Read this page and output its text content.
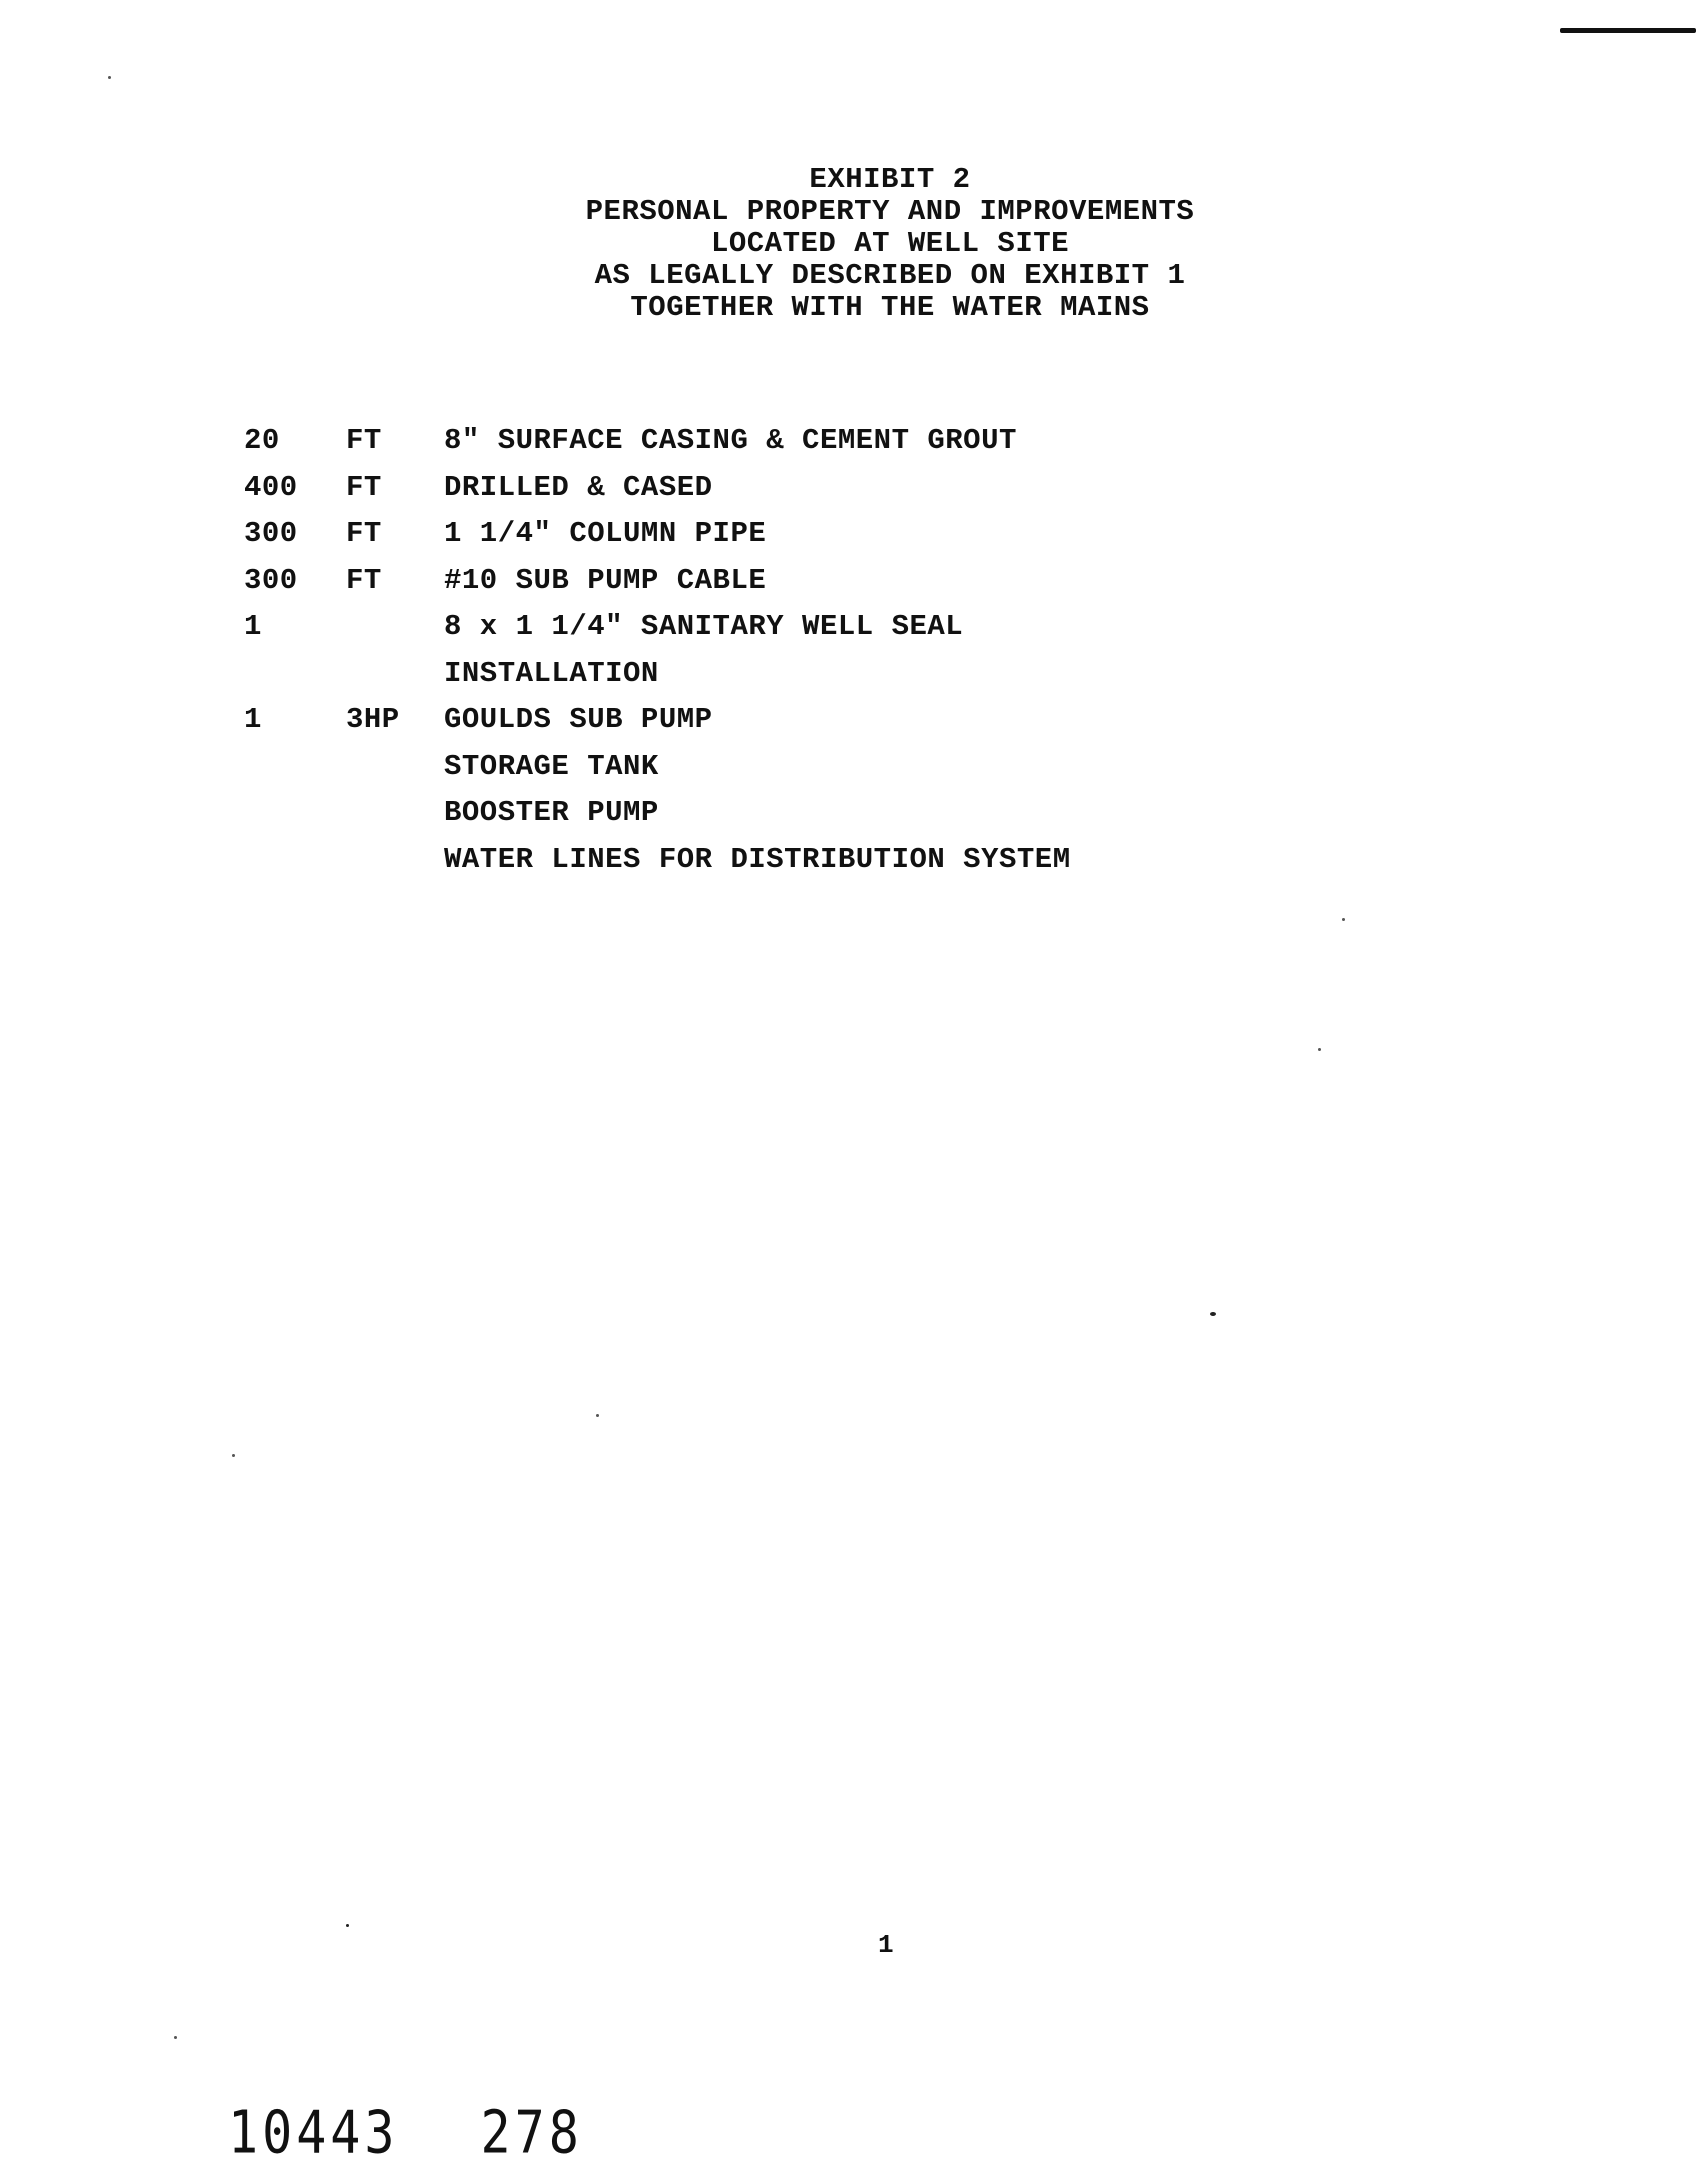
EXHIBIT 2
PERSONAL PROPERTY AND IMPROVEMENTS
LOCATED AT WELL SITE
AS LEGALLY DESCRIBED ON EXHIBIT 1
TOGETHER WITH THE WATER MAINS
20 FT 8" SURFACE CASING & CEMENT GROUT
400 FT DRILLED & CASED
300 FT 1 1/4" COLUMN PIPE
300 FT #10 SUB PUMP CABLE
1	8 x 1 1/4" SANITARY WELL SEAL
INSTALLATION
1	3HP GOULDS SUB PUMP
STORAGE TANK
BOOSTER PUMP
WATER LINES FOR DISTRIBUTION SYSTEM
1
10443 278
